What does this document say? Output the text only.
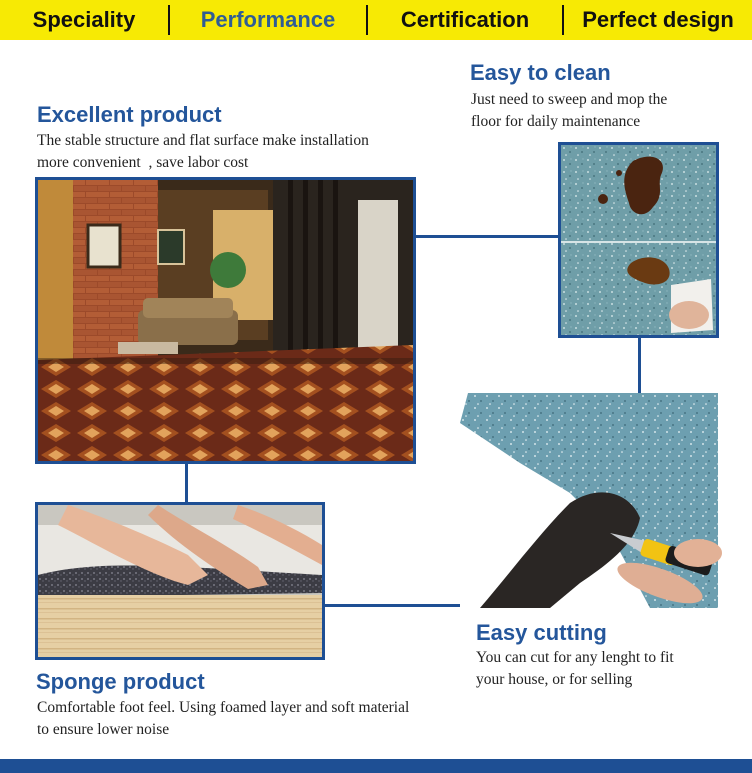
Speciality	Performance	Certification	Perfect design
Excellent product
The stable structure and flat surface make installation
more convenient  , save labor cost
Easy to clean
Just need to sweep and mop the
floor for daily maintenance
Sponge product
Comfortable foot feel. Using foamed layer and soft material
to ensure lower noise
Easy cutting
You can cut for any lenght to fit
your house, or for selling
